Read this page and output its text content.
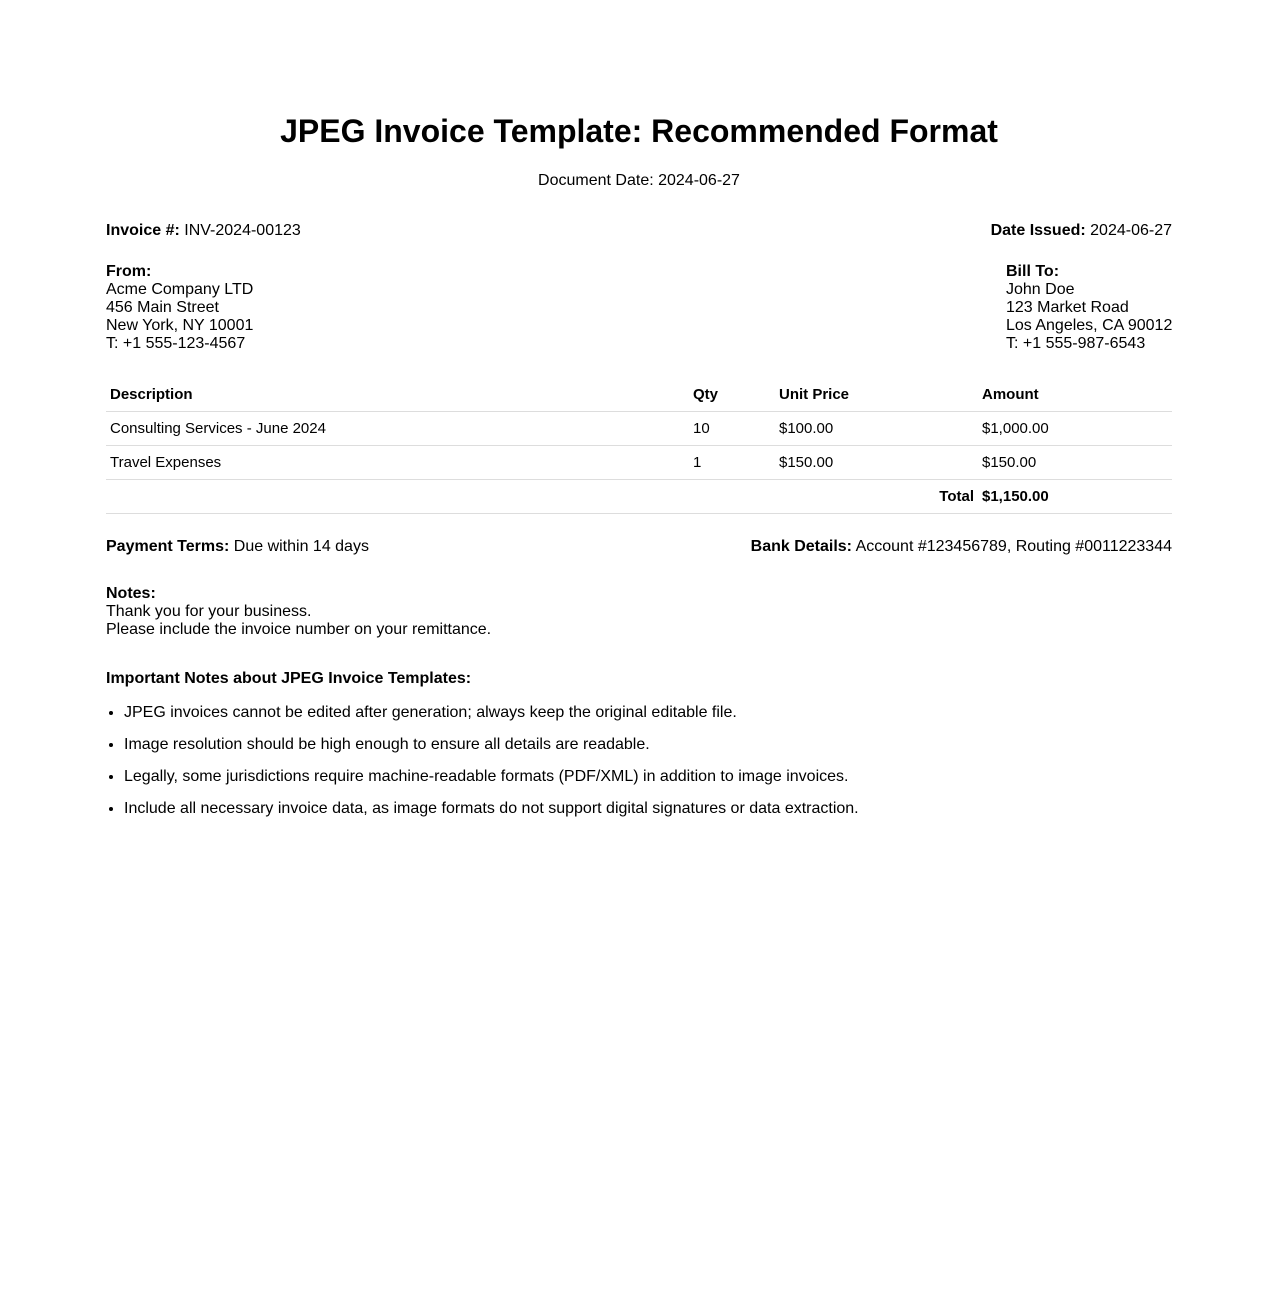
JPEG Invoice Template: Recommended Format
Document Date: 2024-06-27
Invoice #: INV-2024-00123	Date Issued: 2024-06-27
From:
Acme Company LTD
456 Main Street
New York, NY 10001
T: +1 555-123-4567
Bill To:
John Doe
123 Market Road
Los Angeles, CA 90012
T: +1 555-987-6543
Description	Qty	Unit Price	Amount
Consulting Services - June 2024	10	$100.00	$1,000.00
Travel Expenses	1	$150.00	$150.00
Total			$1,150.00
Payment Terms: Due within 14 days	Bank Details: Account #123456789, Routing #0011223344
Notes:
Thank you for your business.
Please include the invoice number on your remittance.
Important Notes about JPEG Invoice Templates:
• JPEG invoices cannot be edited after generation; always keep the original editable file.
• Image resolution should be high enough to ensure all details are readable.
• Legally, some jurisdictions require machine-readable formats (PDF/XML) in addition to image invoices.
• Include all necessary invoice data, as image formats do not support digital signatures or data extraction.
